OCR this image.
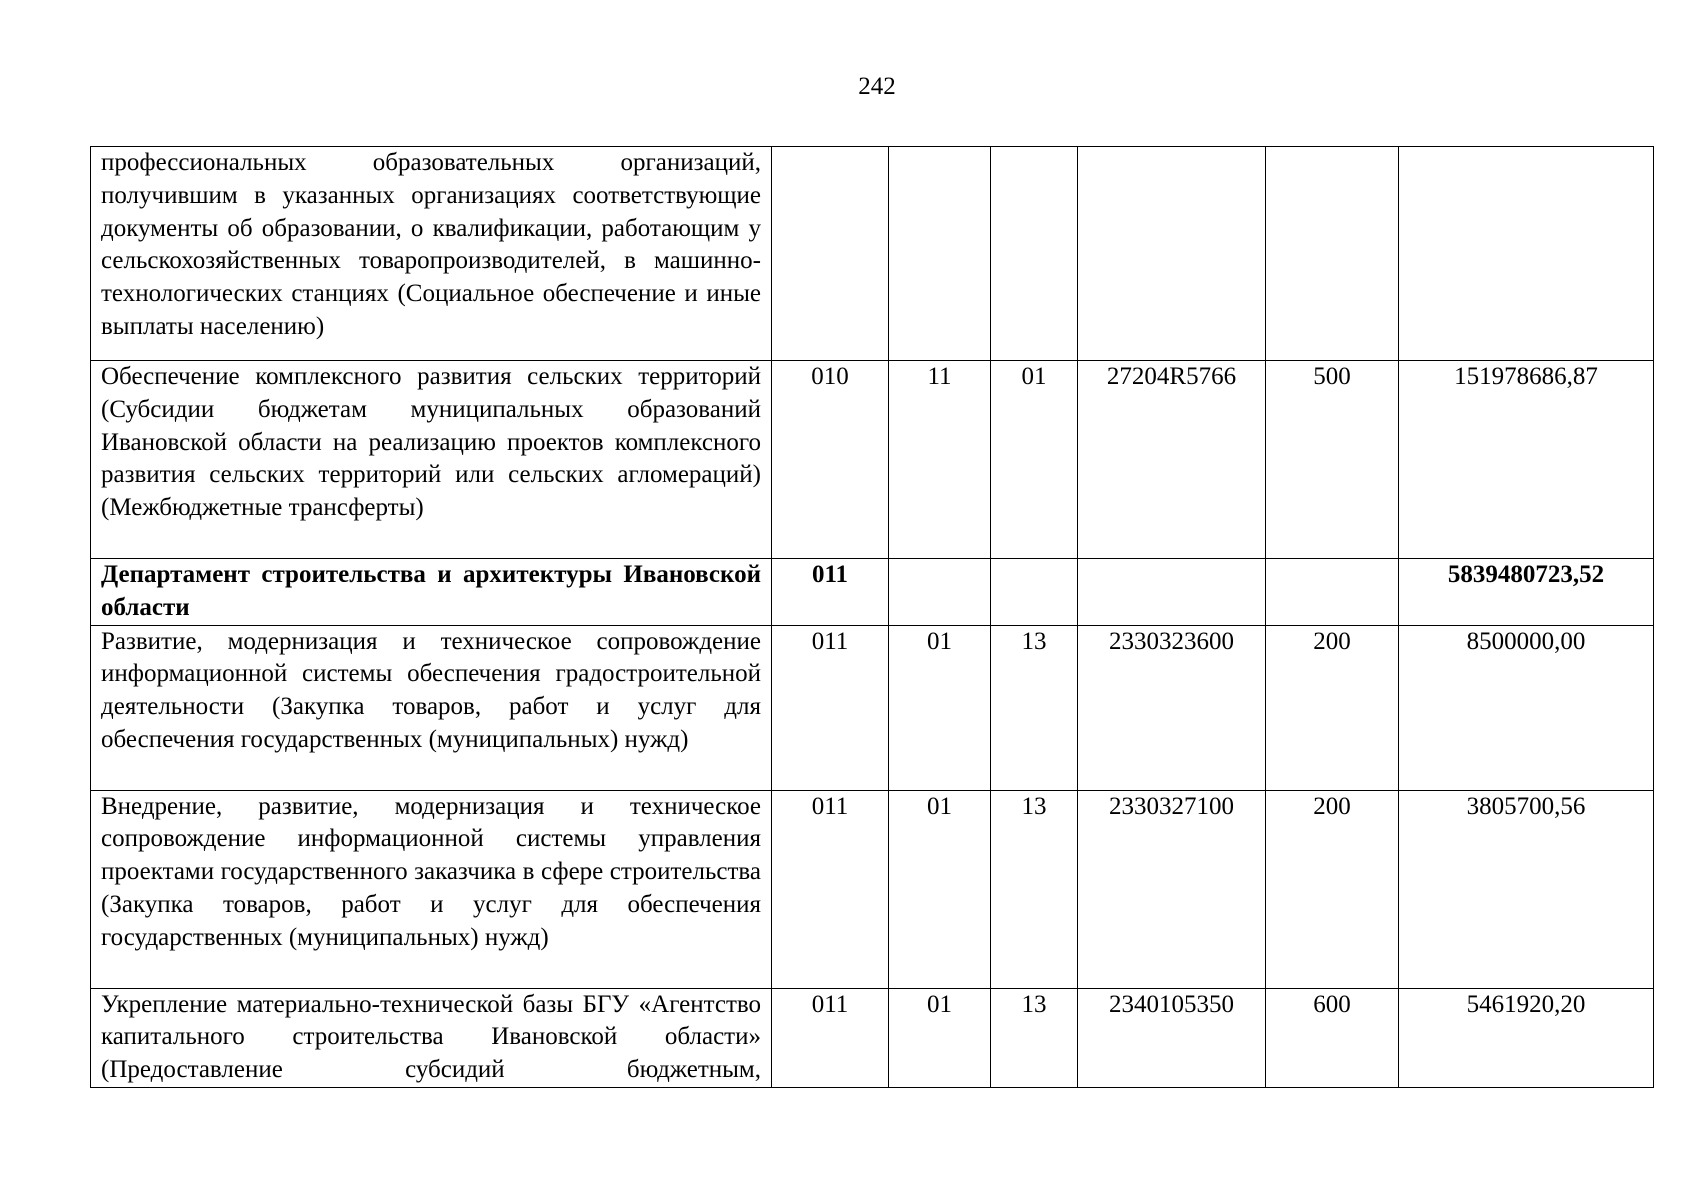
242
профессиональных образовательных организаций, получившим в указанных организациях соответствующие документы об образовании, о квалификации, работающим у сельскохозяйственных товаропроизводителей, в машинно-технологических станциях (Социальное обеспечение и иные выплаты населению)						
Обеспечение комплексного развития сельских территорий (Субсидии бюджетам муниципальных образований Ивановской области на реализацию проектов комплексного развития сельских территорий или сельских агломераций) (Межбюджетные трансферты)	010	11	01	27204R5766	500	151978686,87
Департамент строительства и архитектуры Ивановской области	011					5839480723,52
Развитие, модернизация и техническое сопровождение информационной системы обеспечения градостроительной деятельности (Закупка товаров, работ и услуг для обеспечения государственных (муниципальных) нужд)	011	01	13	2330323600	200	8500000,00
Внедрение, развитие, модернизация и техническое сопровождение информационной системы управления проектами государственного заказчика в сфере строительства (Закупка товаров, работ и услуг для обеспечения государственных (муниципальных) нужд)	011	01	13	2330327100	200	3805700,56
Укрепление материально-технической базы БГУ «Агентство капитального строительства Ивановской области» (Предоставление субсидий бюджетным,	011	01	13	2340105350	600	5461920,20
